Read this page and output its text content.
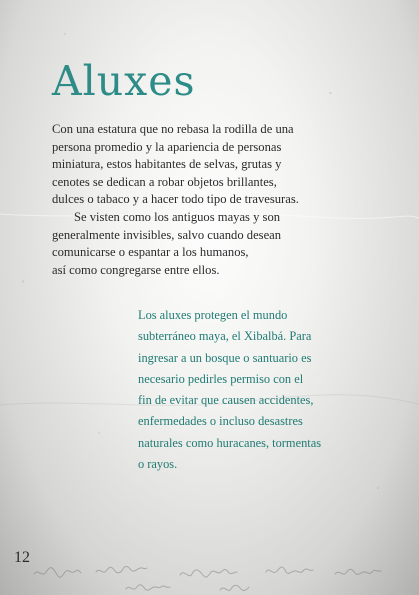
Aluxes
Con una estatura que no rebasa la rodilla de una
persona promedio y la apariencia de personas
miniatura, estos habitantes de selvas, grutas y
cenotes se dedican a robar objetos brillantes,
dulces o tabaco y a hacer todo tipo de travesuras.
Se visten como los antiguos mayas y son
generalmente invisibles, salvo cuando desean
comunicarse o espantar a los humanos,
así como congregarse entre ellos.
Los aluxes protegen el mundo
subterráneo maya, el Xibalbá. Para
ingresar a un bosque o santuario es
necesario pedirles permiso con el
fin de evitar que causen accidentes,
enfermedades o incluso desastres
naturales como huracanes, tormentas
o rayos.

12
